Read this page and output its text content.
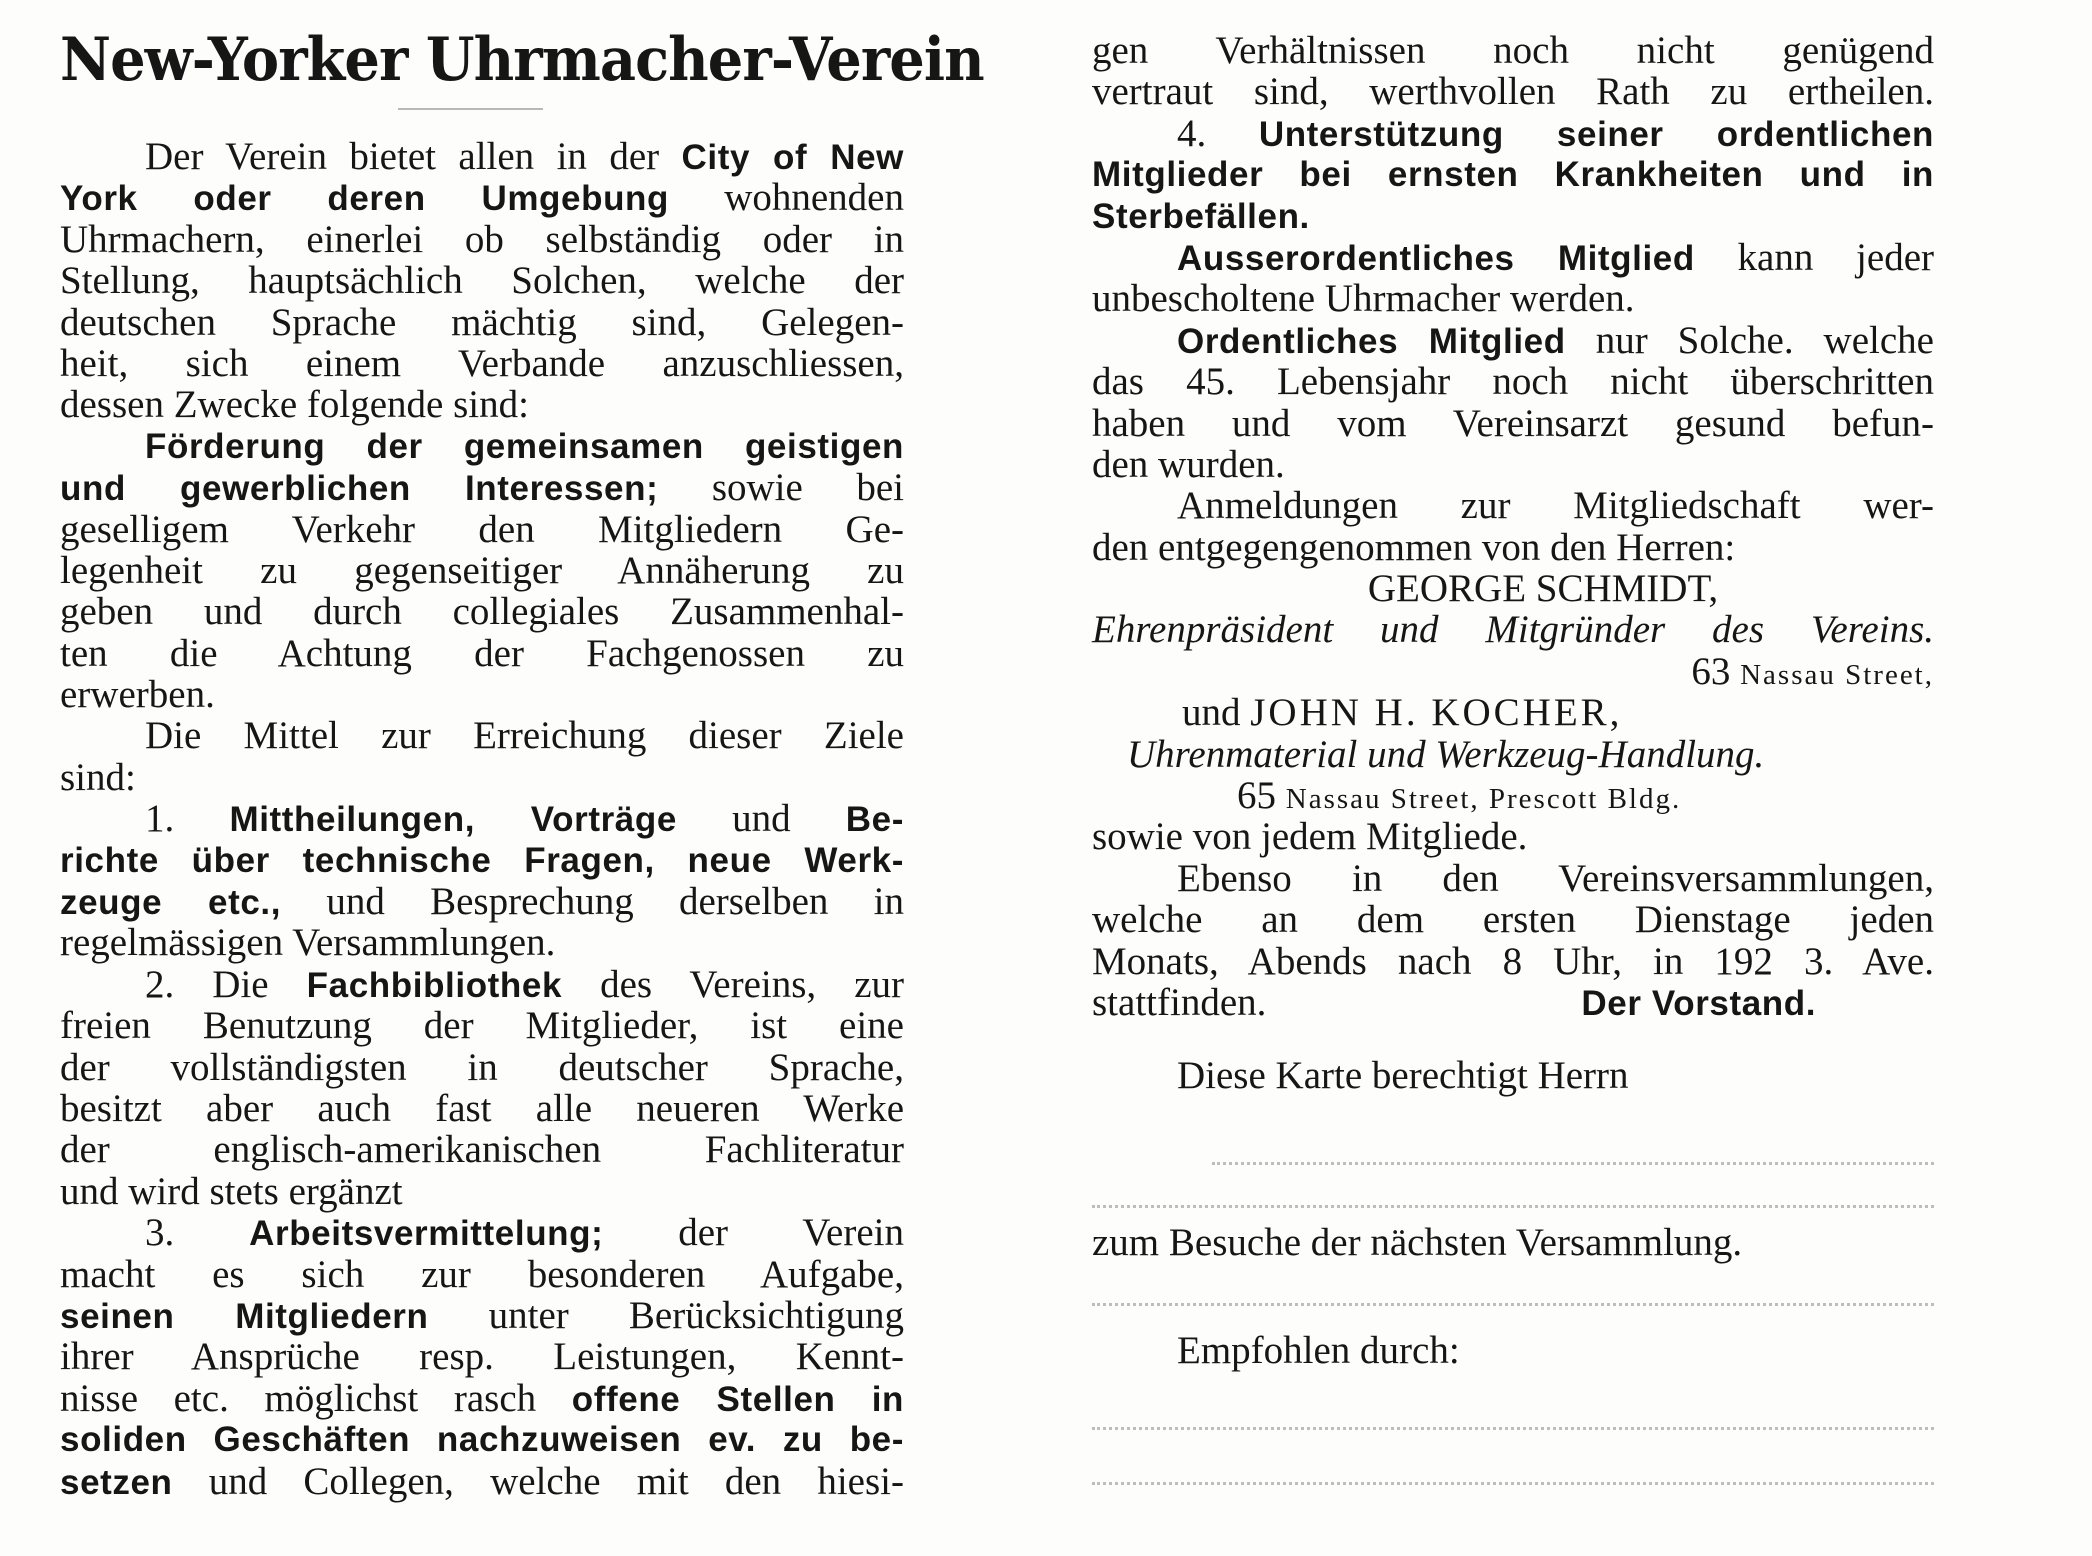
New-Yorker Uhrmacher-Verein
Der Verein bietet allen in der City of New
York oder deren Umgebung wohnenden
Uhrmachern, einerlei ob selbständig oder in
Stellung, hauptsächlich Solchen, welche der
deutschen Sprache mächtig sind, Gelegen-
heit, sich einem Verbande anzuschliessen,
dessen Zwecke folgende sind:
Förderung der gemeinsamen geistigen
und gewerblichen Interessen; sowie bei
geselligem Verkehr den Mitgliedern Ge-
legenheit zu gegenseitiger Annäherung zu
geben und durch collegiales Zusammenhal-
ten die Achtung der Fachgenossen zu
erwerben.
Die Mittel zur Erreichung dieser Ziele
sind:
1. Mittheilungen, Vorträge und Be-
richte über technische Fragen, neue Werk-
zeuge etc., und Besprechung derselben in
regelmässigen Versammlungen.
2. Die Fachbibliothek des Vereins, zur
freien Benutzung der Mitglieder, ist eine
der vollständigsten in deutscher Sprache,
besitzt aber auch fast alle neueren Werke
der englisch-amerikanischen Fachliteratur
und wird stets ergänzt
3. Arbeitsvermittelung; der Verein
macht es sich zur besonderen Aufgabe,
seinen Mitgliedern unter Berücksichtigung
ihrer Ansprüche resp. Leistungen, Kennt-
nisse etc. möglichst rasch offene Stellen in
soliden Geschäften nachzuweisen ev. zu be-
setzen und Collegen, welche mit den hiesi-
gen Verhältnissen noch nicht genügend
vertraut sind, werthvollen Rath zu ertheilen.
4. Unterstützung seiner ordentlichen
Mitglieder bei ernsten Krankheiten und in
Sterbefällen.
Ausserordentliches Mitglied kann jeder
unbescholtene Uhrmacher werden.
Ordentliches Mitglied nur Solche. welche
das 45. Lebensjahr noch nicht überschritten
haben und vom Vereinsarzt gesund befun-
den wurden.
Anmeldungen zur Mitgliedschaft wer-
den entgegengenommen von den Herren:
GEORGE SCHMIDT,
Ehrenpräsident und Mitgründer des Vereins.
63 Nassau Street,
und JOHN H. KOCHER,
Uhrenmaterial und Werkzeug-Handlung.
65 Nassau Street, Prescott Bldg.
sowie von jedem Mitgliede.
Ebenso in den Vereinsversammlungen,
welche an dem ersten Dienstage jeden
Monats, Abends nach 8 Uhr, in 192 3. Ave.
stattfinden.	Der Vorstand.
Diese Karte berechtigt Herrn
zum Besuche der nächsten Versammlung.
Empfohlen durch:
